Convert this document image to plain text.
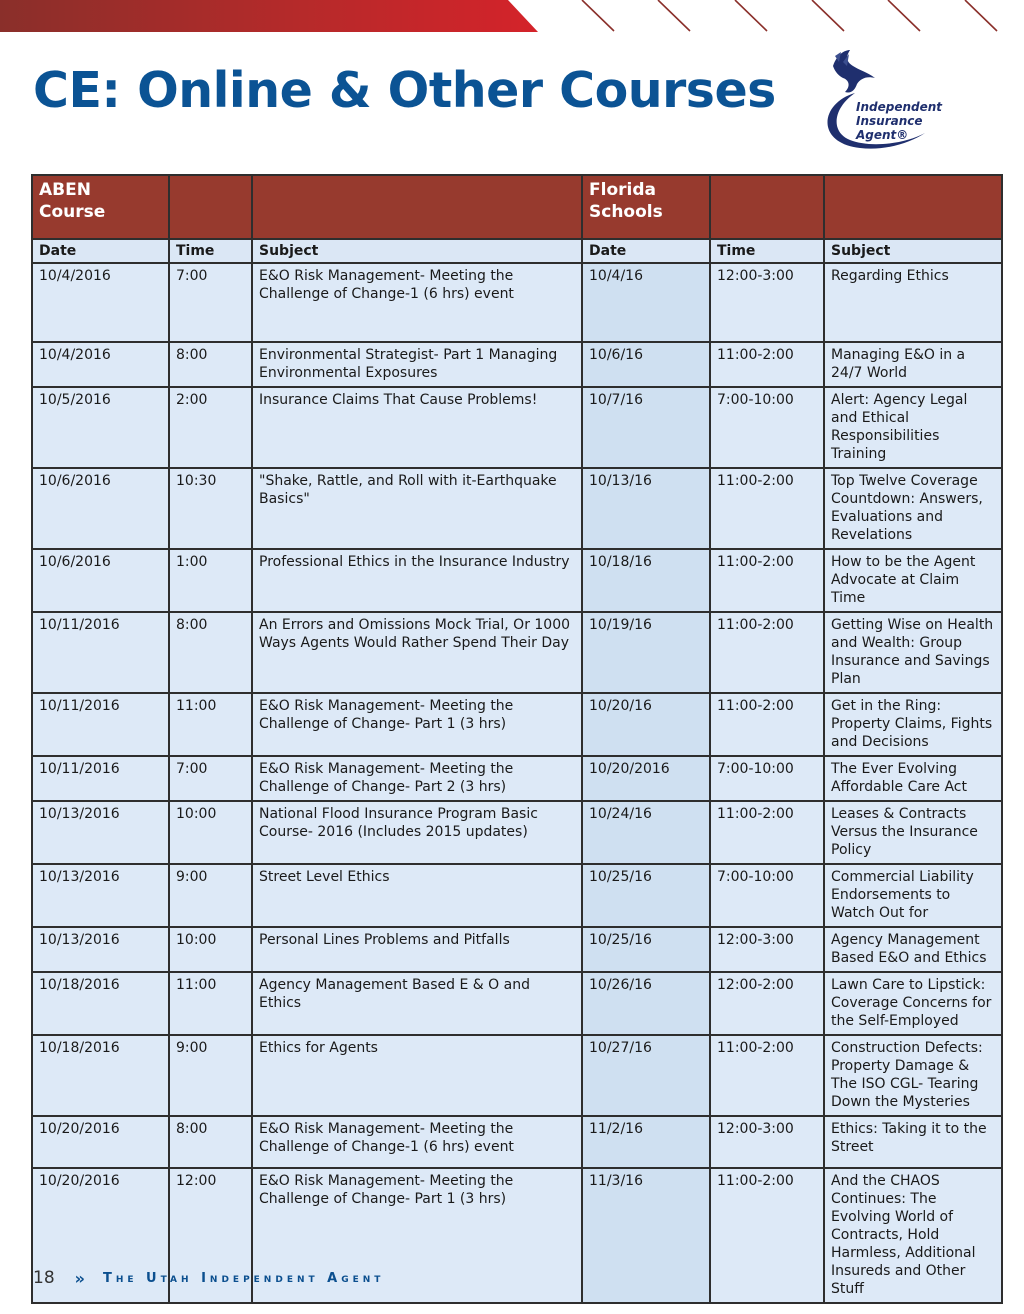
CE: Online & Other Courses	Independent
Insurance
Agent®
ABEN Course			Florida Schools		
Date	Time	Subject	Date	Time	Subject
10/4/2016	7:00	E&O Risk Management- Meeting the Challenge of Change-1 (6 hrs) event	10/4/16	12:00-3:00	Regarding Ethics
10/4/2016	8:00	Environmental Strategist- Part 1 Managing Environmental Exposures	10/6/16	11:00-2:00	Managing E&O in a 24/7 World
10/5/2016	2:00	Insurance Claims That Cause Problems!	10/7/16	7:00-10:00	Alert: Agency Legal and Ethical Responsibilities Training
10/6/2016	10:30	"Shake, Rattle, and Roll with it-Earthquake Basics"	10/13/16	11:00-2:00	Top Twelve Coverage Countdown: Answers, Evaluations and Revelations
10/6/2016	1:00	Professional Ethics in the Insurance Industry	10/18/16	11:00-2:00	How to be the Agent Advocate at Claim Time
10/11/2016	8:00	An Errors and Omissions Mock Trial, Or 1000 Ways Agents Would Rather Spend Their Day	10/19/16	11:00-2:00	Getting Wise on Health and Wealth: Group Insurance and Savings Plan
10/11/2016	11:00	E&O Risk Management- Meeting the Challenge of Change- Part 1 (3 hrs)	10/20/16	11:00-2:00	Get in the Ring: Property Claims, Fights and Decisions
10/11/2016	7:00	E&O Risk Management- Meeting the Challenge of Change- Part 2 (3 hrs)	10/20/2016	7:00-10:00	The Ever Evolving Affordable Care Act
10/13/2016	10:00	National Flood Insurance Program Basic Course- 2016 (Includes 2015 updates)	10/24/16	11:00-2:00	Leases & Contracts Versus the Insurance Policy
10/13/2016	9:00	Street Level Ethics	10/25/16	7:00-10:00	Commercial Liability Endorsements to Watch Out for
10/13/2016	10:00	Personal Lines Problems and Pitfalls	10/25/16	12:00-3:00	Agency Management Based E&O and Ethics
10/18/2016	11:00	Agency Management Based E & O and Ethics	10/26/16	12:00-2:00	Lawn Care to Lipstick: Coverage Concerns for the Self-Employed
10/18/2016	9:00	Ethics for Agents	10/27/16	11:00-2:00	Construction Defects: Property Damage & The ISO CGL- Tearing Down the Mysteries
10/20/2016	8:00	E&O Risk Management- Meeting the Challenge of Change-1 (6 hrs) event	11/2/16	12:00-3:00	Ethics: Taking it to the Street
10/20/2016	12:00	E&O Risk Management- Meeting the Challenge of Change- Part 1 (3 hrs)	11/3/16	11:00-2:00	And the CHAOS Continues: The Evolving World of Contracts, Hold Harmless, Additional Insureds and Other Stuff
18 » The Utah Independent Agent
